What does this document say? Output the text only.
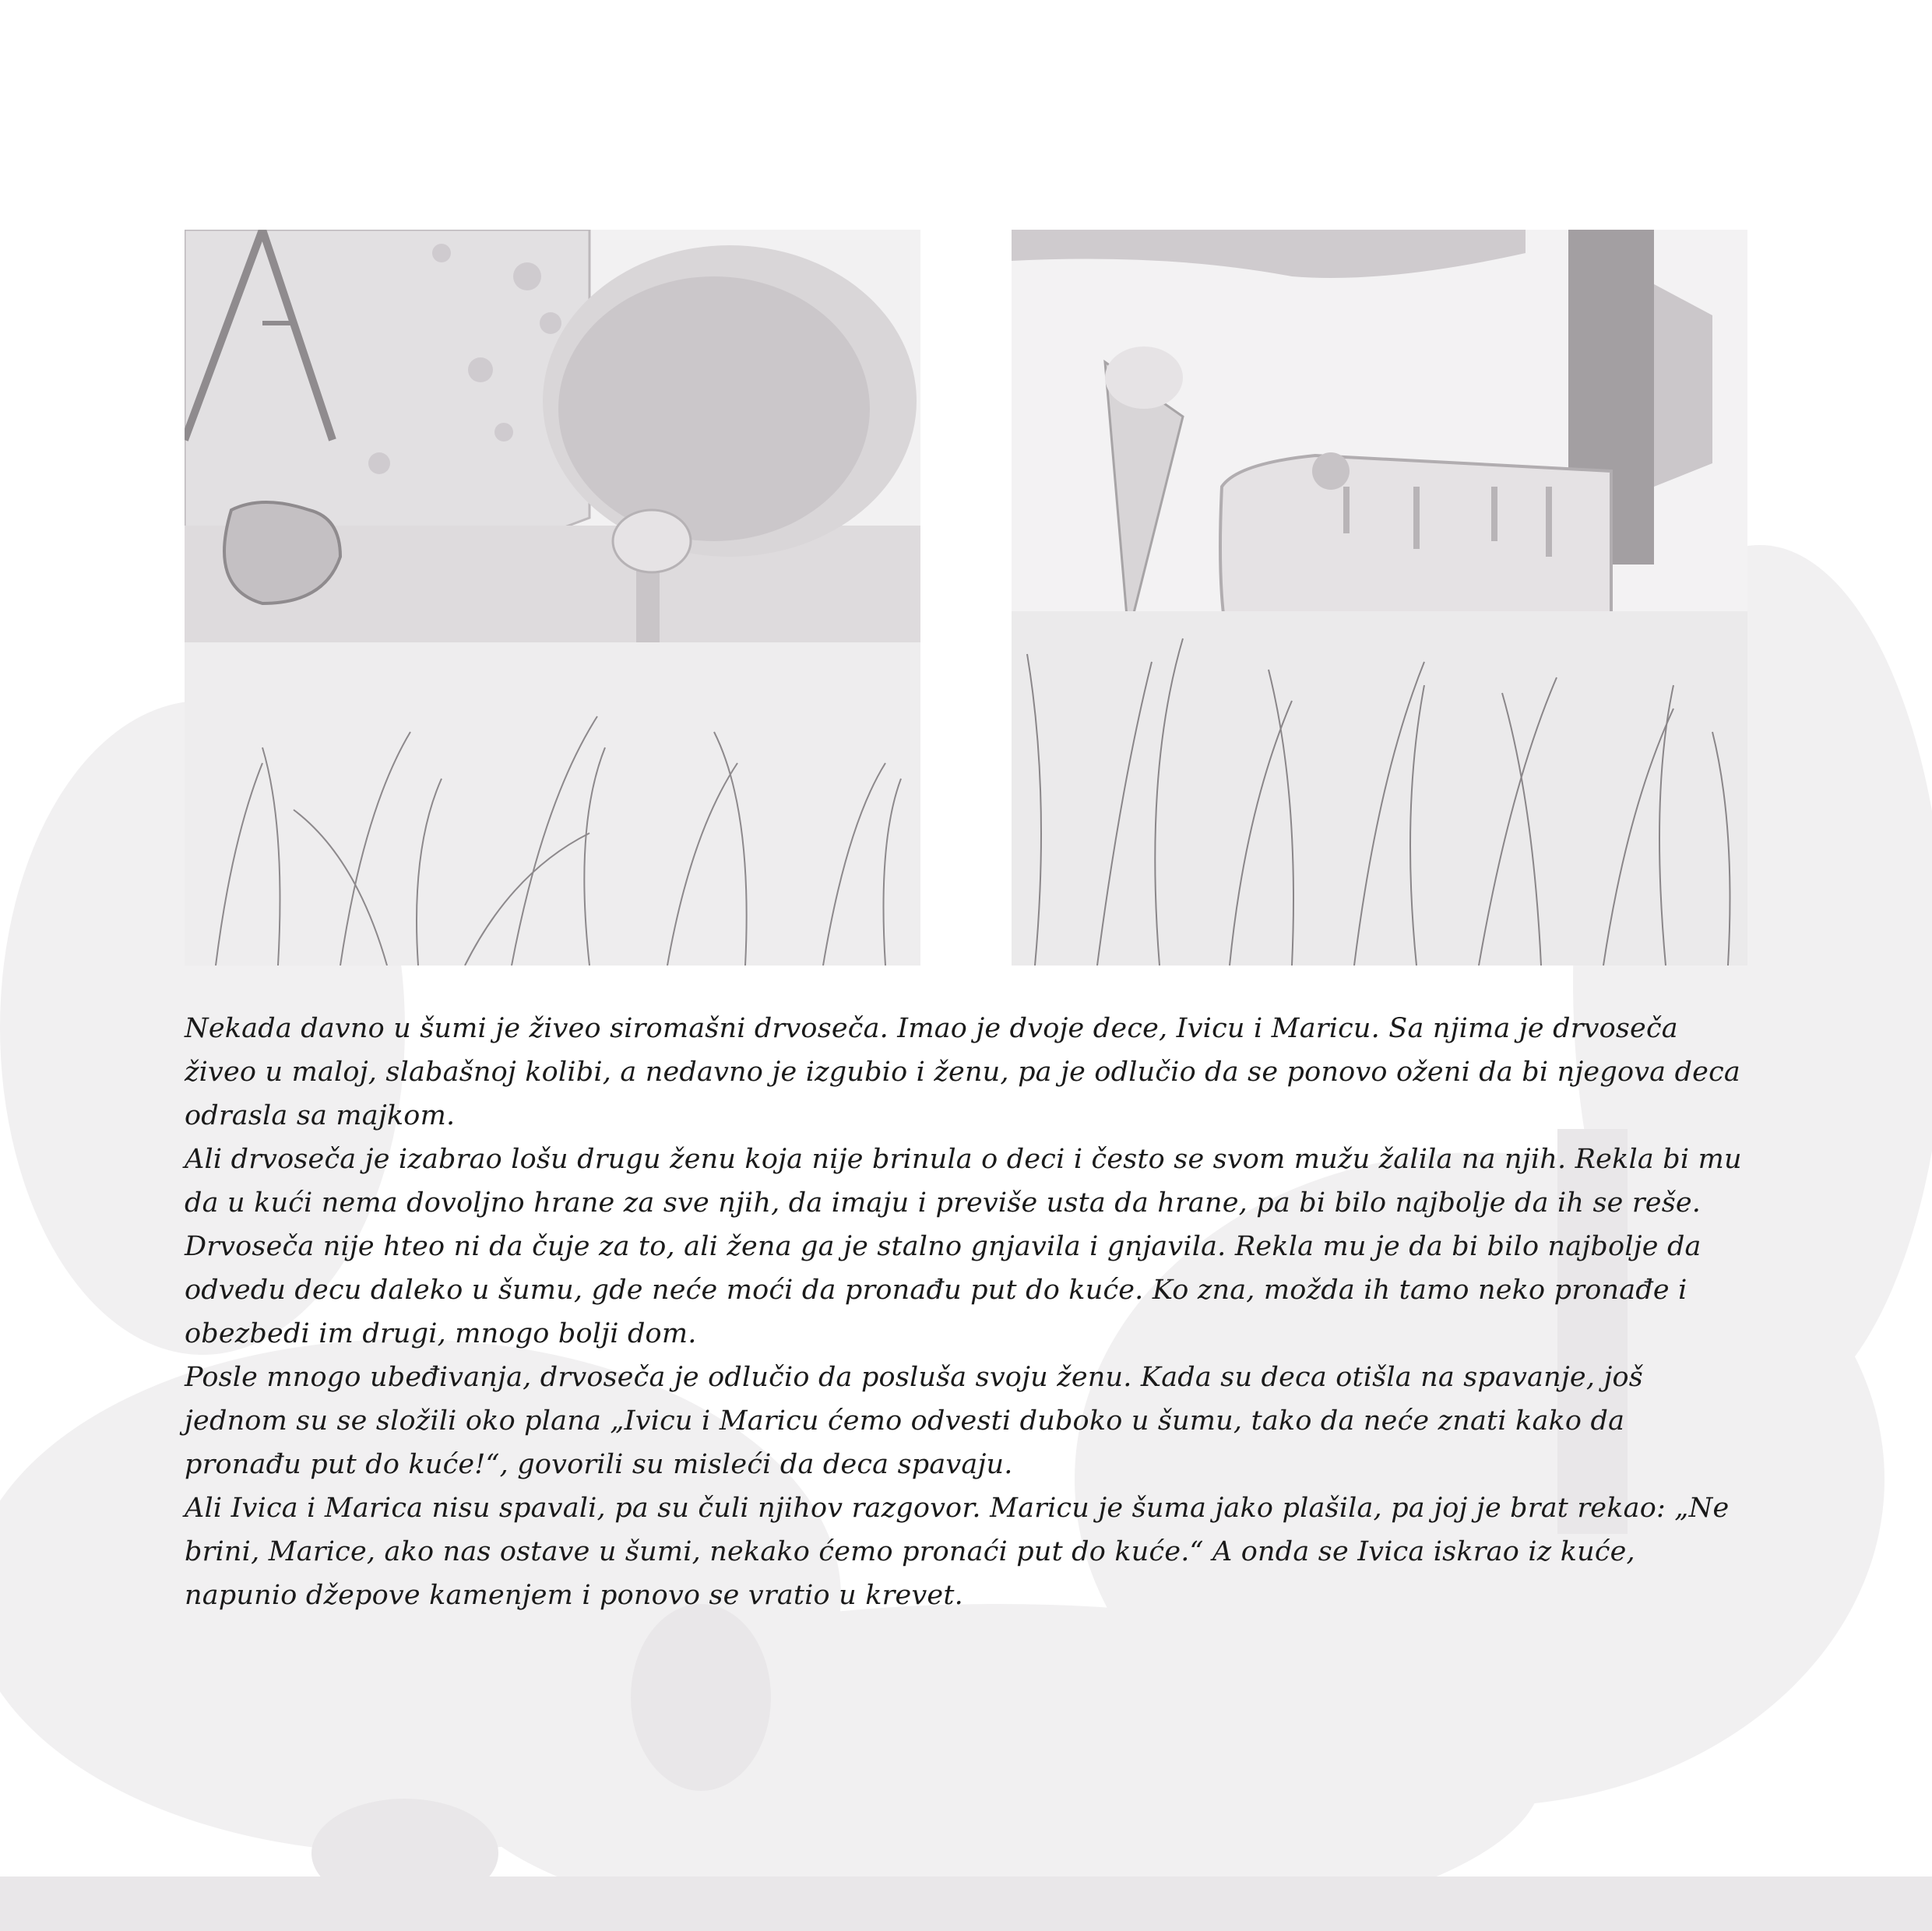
Nekada davno u šumi je živeo siromašni drvoseča. Imao je dvoje dece, Ivicu i Maricu. Sa njima je drvoseča živeo u maloj, slabašnoj kolibi, a nedavno je izgubio i ženu, pa je odlučio da se ponovo oženi da bi njegova deca odrasla sa majkom.

Ali drvoseča je izabrao lošu drugu ženu koja nije brinula o deci i često se svom mužu žalila na njih. Rekla bi mu da u kući nema dovoljno hrane za sve njih, da imaju i previše usta da hrane, pa bi bilo najbolje da ih se reše. Drvoseča nije hteo ni da čuje za to, ali žena ga je stalno gnjavila i gnjavila. Rekla mu je da bi bilo najbolje da odvedu decu daleko u šumu, gde neće moći da pronađu put do kuće. Ko zna, možda ih tamo neko pronađe i obezbedi im drugi, mnogo bolji dom.

Posle mnogo ubeđivanja, drvoseča je odlučio da posluša svoju ženu. Kada su deca otišla na spavanje, još jednom su se složili oko plana „Ivicu i Maricu ćemo odvesti duboko u šumu, tako da neće znati kako da pronađu put do kuće!“, govorili su misleći da deca spavaju.

Ali Ivica i Marica nisu spavali, pa su čuli njihov razgovor. Maricu je šuma jako plašila, pa joj je brat rekao: „Ne brini, Marice, ako nas ostave u šumi, nekako ćemo pronaći put do kuće.“ A onda se Ivica iskrao iz kuće, napunio džepove kamenjem i ponovo se vratio u krevet.
